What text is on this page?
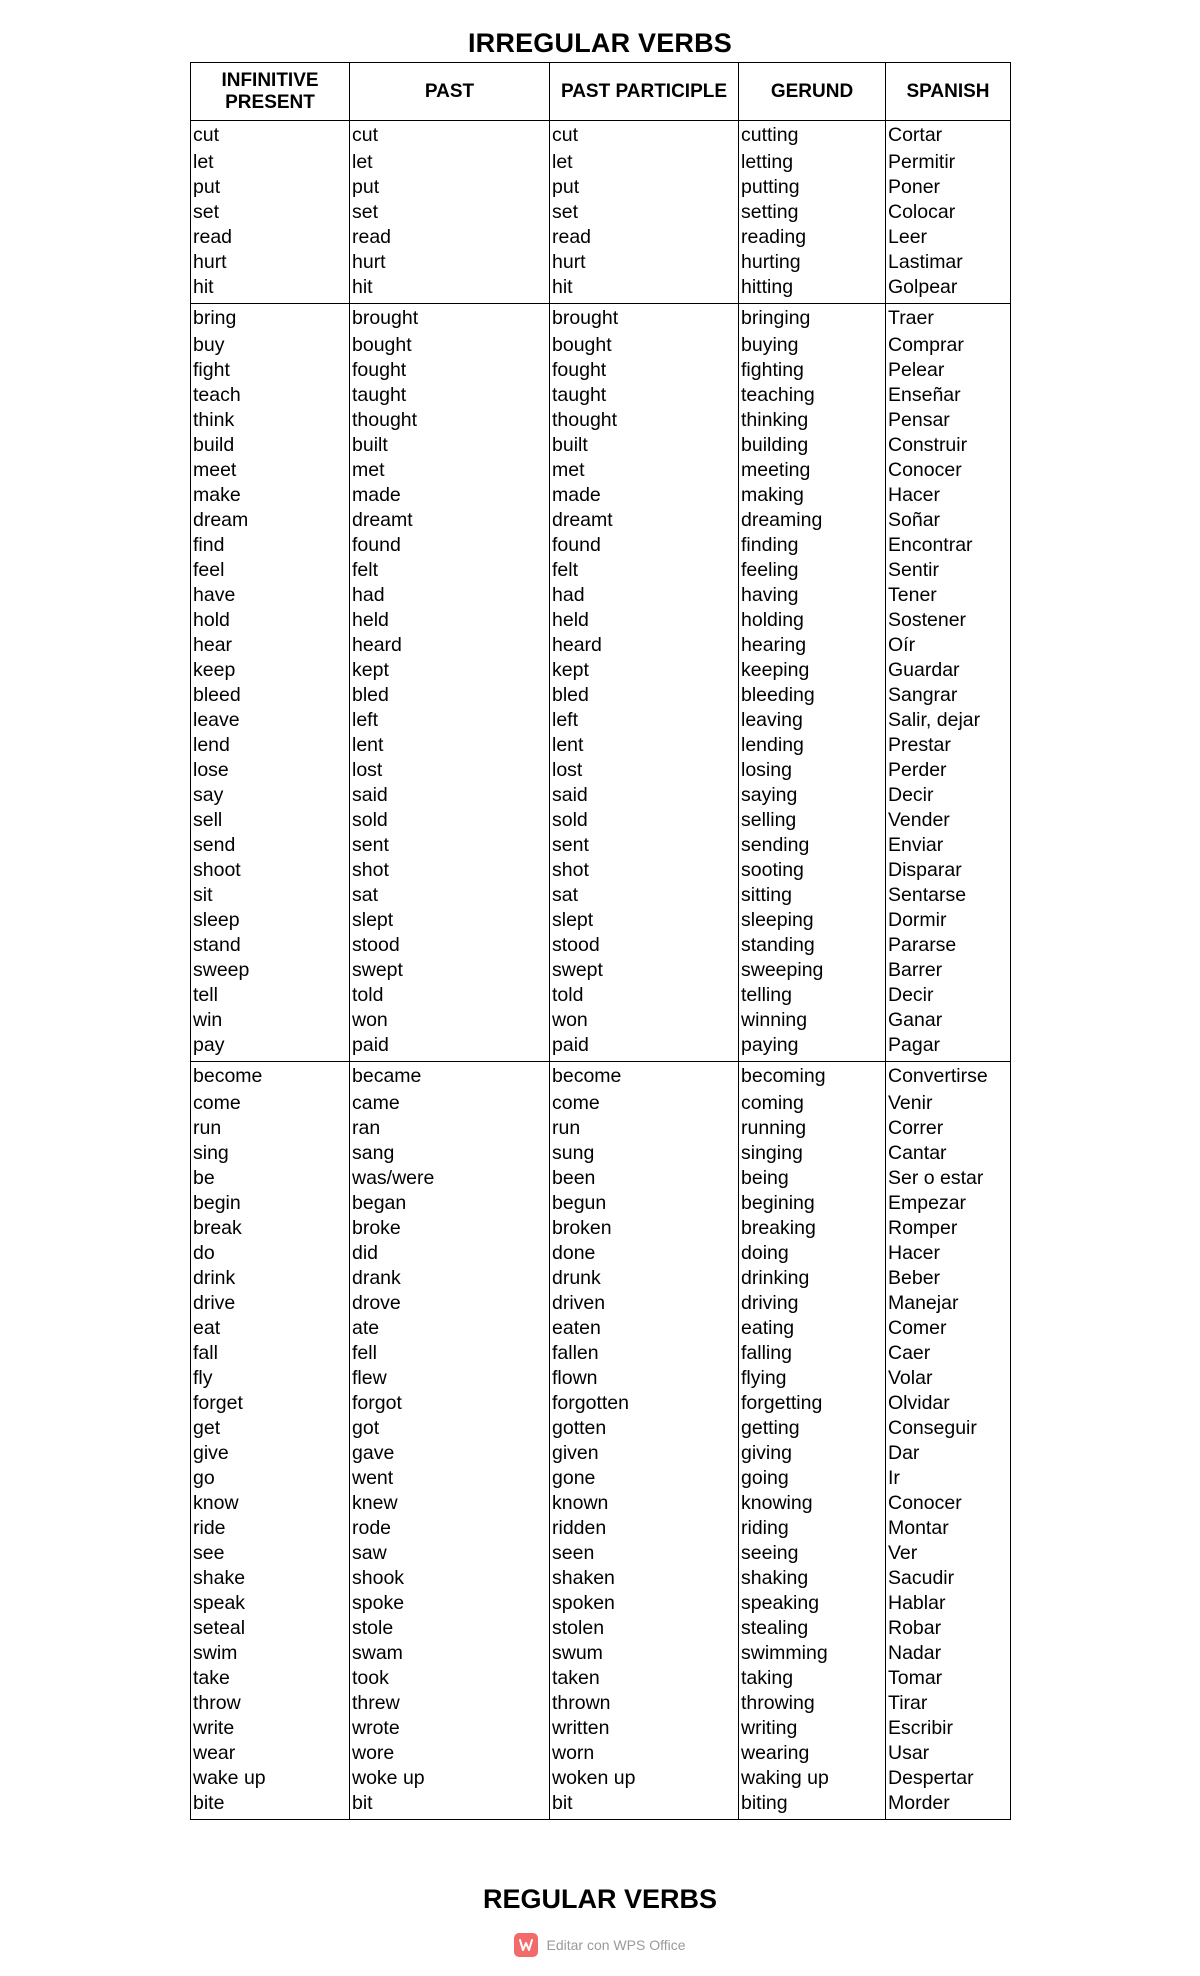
IRREGULAR VERBS
INFINITIVE PRESENT	PAST	PAST PARTICIPLE	GERUND	SPANISH
cut	cut	cut	cutting	Cortar
let	let	let	letting	Permitir
put	put	put	putting	Poner
set	set	set	setting	Colocar
read	read	read	reading	Leer
hurt	hurt	hurt	hurting	Lastimar
hit	hit	hit	hitting	Golpear
bring	brought	brought	bringing	Traer
buy	bought	bought	buying	Comprar
fight	fought	fought	fighting	Pelear
teach	taught	taught	teaching	Enseñar
think	thought	thought	thinking	Pensar
build	built	built	building	Construir
meet	met	met	meeting	Conocer
make	made	made	making	Hacer
dream	dreamt	dreamt	dreaming	Soñar
find	found	found	finding	Encontrar
feel	felt	felt	feeling	Sentir
have	had	had	having	Tener
hold	held	held	holding	Sostener
hear	heard	heard	hearing	Oír
keep	kept	kept	keeping	Guardar
bleed	bled	bled	bleeding	Sangrar
leave	left	left	leaving	Salir, dejar
lend	lent	lent	lending	Prestar
lose	lost	lost	losing	Perder
say	said	said	saying	Decir
sell	sold	sold	selling	Vender
send	sent	sent	sending	Enviar
shoot	shot	shot	sooting	Disparar
sit	sat	sat	sitting	Sentarse
sleep	slept	slept	sleeping	Dormir
stand	stood	stood	standing	Pararse
sweep	swept	swept	sweeping	Barrer
tell	told	told	telling	Decir
win	won	won	winning	Ganar
pay	paid	paid	paying	Pagar
become	became	become	becoming	Convertirse
come	came	come	coming	Venir
run	ran	run	running	Correr
sing	sang	sung	singing	Cantar
be	was/were	been	being	Ser o estar
begin	began	begun	begining	Empezar
break	broke	broken	breaking	Romper
do	did	done	doing	Hacer
drink	drank	drunk	drinking	Beber
drive	drove	driven	driving	Manejar
eat	ate	eaten	eating	Comer
fall	fell	fallen	falling	Caer
fly	flew	flown	flying	Volar
forget	forgot	forgotten	forgetting	Olvidar
get	got	gotten	getting	Conseguir
give	gave	given	giving	Dar
go	went	gone	going	Ir
know	knew	known	knowing	Conocer
ride	rode	ridden	riding	Montar
see	saw	seen	seeing	Ver
shake	shook	shaken	shaking	Sacudir
speak	spoke	spoken	speaking	Hablar
seteal	stole	stolen	stealing	Robar
swim	swam	swum	swimming	Nadar
take	took	taken	taking	Tomar
throw	threw	thrown	throwing	Tirar
write	wrote	written	writing	Escribir
wear	wore	worn	wearing	Usar
wake up	woke up	woken up	waking up	Despertar
bite	bit	bit	biting	Morder
REGULAR VERBS
Editar con WPS Office
